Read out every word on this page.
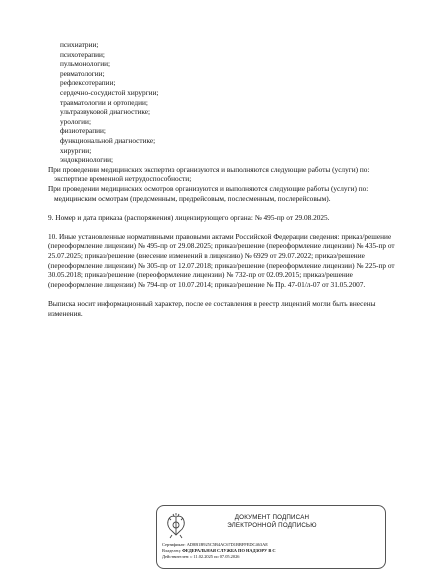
психиатрии;

психотерапии;

пульмонологии;

ревматологии;

рефлексотерапии;

сердечно-сосудистой хирургии;

травматологии и ортопедии;

ультразвуковой диагностике;

урологии;

физиотерапии;

функциональной диагностике;

хирургии;

эндокринологии;

При проведении медицинских экспертиз организуются и выполняются следующие работы (услуги) по:

экспертизе временной нетрудоспособности;

При проведении медицинских осмотров организуются и выполняются следующие работы (услуги) по:

медицинским осмотрам (предсменным, предрейсовым, послесменным, послерейсовым).

9. Номер и дата приказа (распоряжения) лицензирующего органа: № 495-пр от 29.08.2025.

10. Иные установленные нормативными правовыми актами Российской Федерации сведения: приказ/решение (переоформление лицензии) № 495-пр от 29.08.2025; приказ/решение (переоформление лицензии) № 435-пр от 25.07.2025; приказ/решение (внесение изменений в лицензию) № 6929 от 29.07.2022; приказ/решение (переоформление лицензии) № 305-пр от 12.07.2018; приказ/решение (переоформление лицензии) № 225-пр от 30.05.2018; приказ/решение (переоформление лицензии) № 732-пр от 02.09.2015; приказ/решение (переоформление лицензии) № 794-пр от 10.07.2014; приказ/решение № Пр. 47-01/л-07 от 31.05.2007.

Выписка носит информационный характер, после ее составления в реестр лицензий могли быть внесены изменения.

ДОКУМЕНТ ПОДПИСАН
ЭЛЕКТРОННОЙ ПОДПИСЬЮ
Сертификат: AD8B1B925C5B4AC67D1BBFFEDC463AE
Владелец: ФЕДЕРАЛЬНАЯ СЛУЖБА ПО НАДЗОРУ В С
Действителен: с 11.02.2025 по 07.05.2026
